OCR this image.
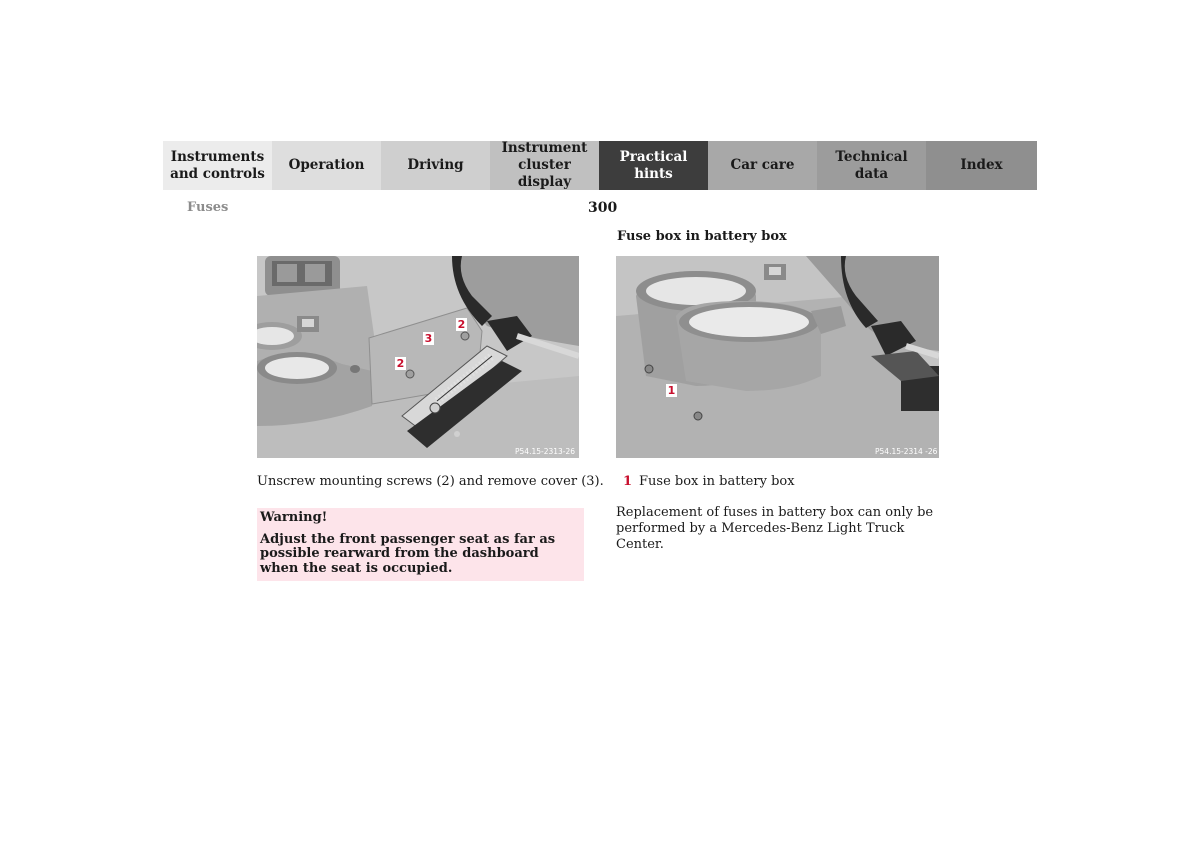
Instruments and controls
Operation	Driving
Instrument cluster display
Practical hints
Car care
Technical data
Index
Fuses	300
Fuse box in battery box
2
3
2
P54.15-2313-26
1
P54.15-2314 -26
Unscrew mounting screws (2) and remove cover (3).
Warning!
Adjust the front passenger seat as far as possible rearward from the dashboard when the seat is occupied.
1 Fuse box in battery box
Replacement of fuses in battery box can only be performed by a Mercedes-Benz Light Truck Center.
